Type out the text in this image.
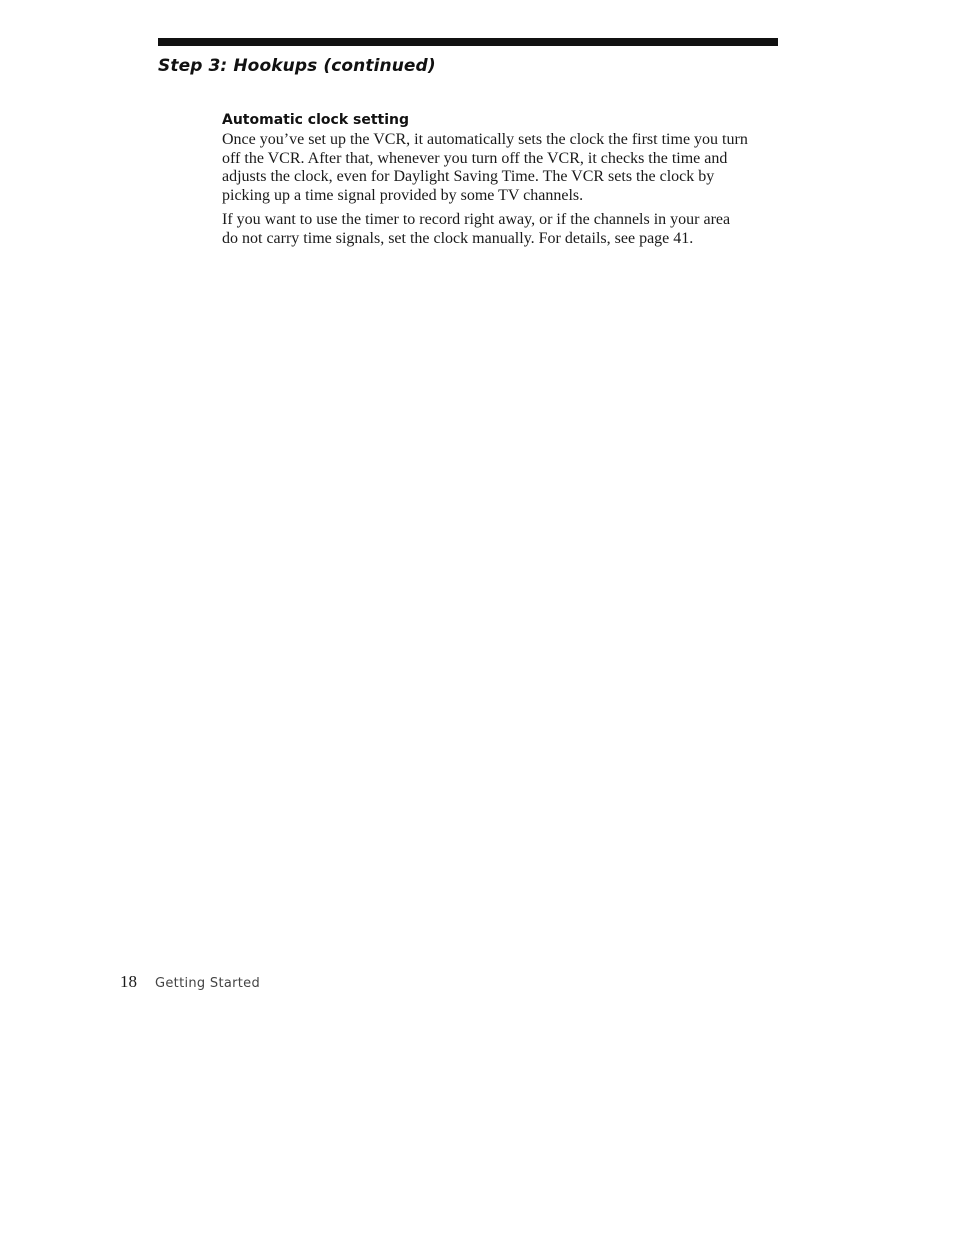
Step 3: Hookups (continued)
Automatic clock setting

Once you’ve set up the VCR, it automatically sets the clock the first time you turn off the VCR. After that, whenever you turn off the VCR, it checks the time and adjusts the clock, even for Daylight Saving Time. The VCR sets the clock by picking up a time signal provided by some TV channels.

If you want to use the timer to record right away, or if the channels in your area do not carry time signals, set the clock manually. For details, see page 41.

18 Getting Started
